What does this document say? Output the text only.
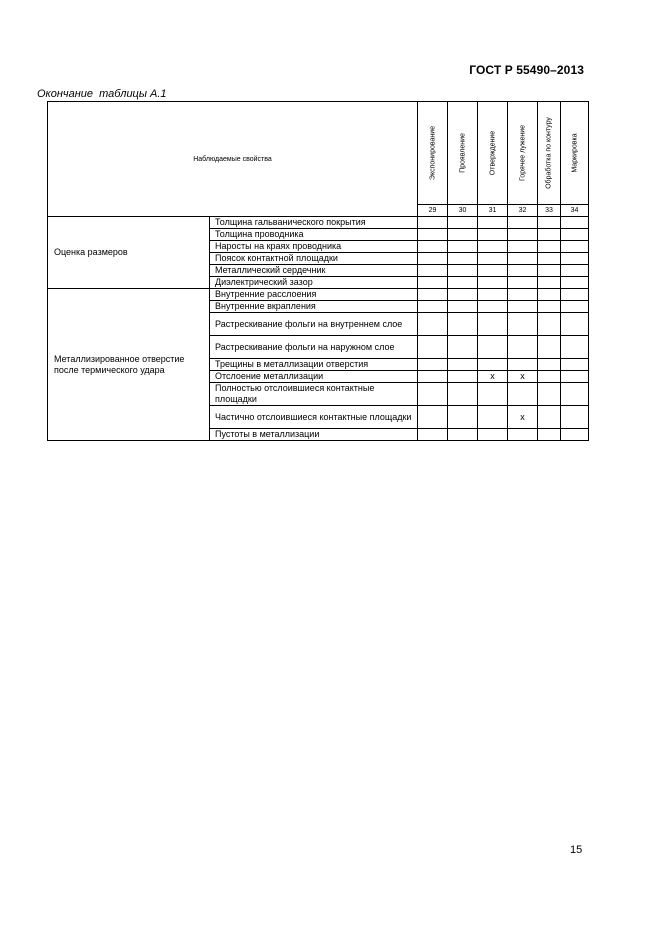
ГОСТ Р 55490–2013
Окончание  таблицы А.1
Наблюдаемые свойства		Экспонирование	Проявление	Отверждение	Горячее лужение	Обработка по контуру	Маркировка

		29	30	31	32	33	34
Оценка размеров	Толщина гальванического покрытия						
	Толщина проводника						
	Наросты на краях проводника						
	Поясок контактной площадки						
	Металлический сердечник						
	Диэлектрический зазор						
Металлизированное отверстие после термического удара	Внутренние расслоения						
	Внутренние вкрапления						
	Растрескивание фольги на внутреннем слое						
	Растрескивание фольги на наружном слое						
	Трещины в металлизации отверстия						
	Отслоение металлизации			x	x		
	Полностью отслоившиеся контактные площадки						
	Частично отслоившиеся контактные площадки				x		
	Пустоты в металлизации						
15
